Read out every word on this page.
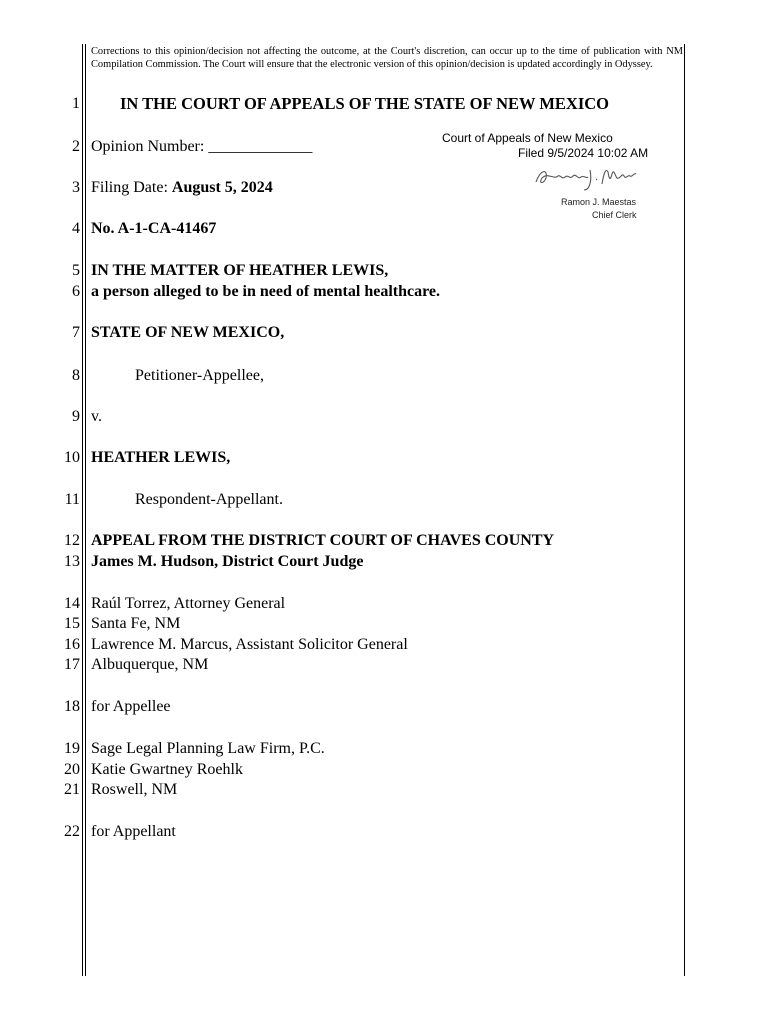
Corrections to this opinion/decision not affecting the outcome, at the Court's discretion, can occur up to the time of publication with NM Compilation Commission. The Court will ensure that the electronic version of this opinion/decision is updated accordingly in Odyssey.
Court of Appeals of New Mexico
Filed 9/5/2024 10:02 AM
Ramon J. Maestas
Chief Clerk
1 IN THE COURT OF APPEALS OF THE STATE OF NEW MEXICO
2 Opinion Number: _____________
3 Filing Date: August 5, 2024
4 No. A-1-CA-41467
5 IN THE MATTER OF HEATHER LEWIS,
6 a person alleged to be in need of mental healthcare.
7 STATE OF NEW MEXICO,
8	Petitioner-Appellee,
9 v.
10 HEATHER LEWIS,
11	Respondent-Appellant.
12 APPEAL FROM THE DISTRICT COURT OF CHAVES COUNTY
13 James M. Hudson, District Court Judge
14 Raúl Torrez, Attorney General
15 Santa Fe, NM
16 Lawrence M. Marcus, Assistant Solicitor General
17 Albuquerque, NM
18 for Appellee
19 Sage Legal Planning Law Firm, P.C.
20 Katie Gwartney Roehlk
21 Roswell, NM
22 for Appellant
